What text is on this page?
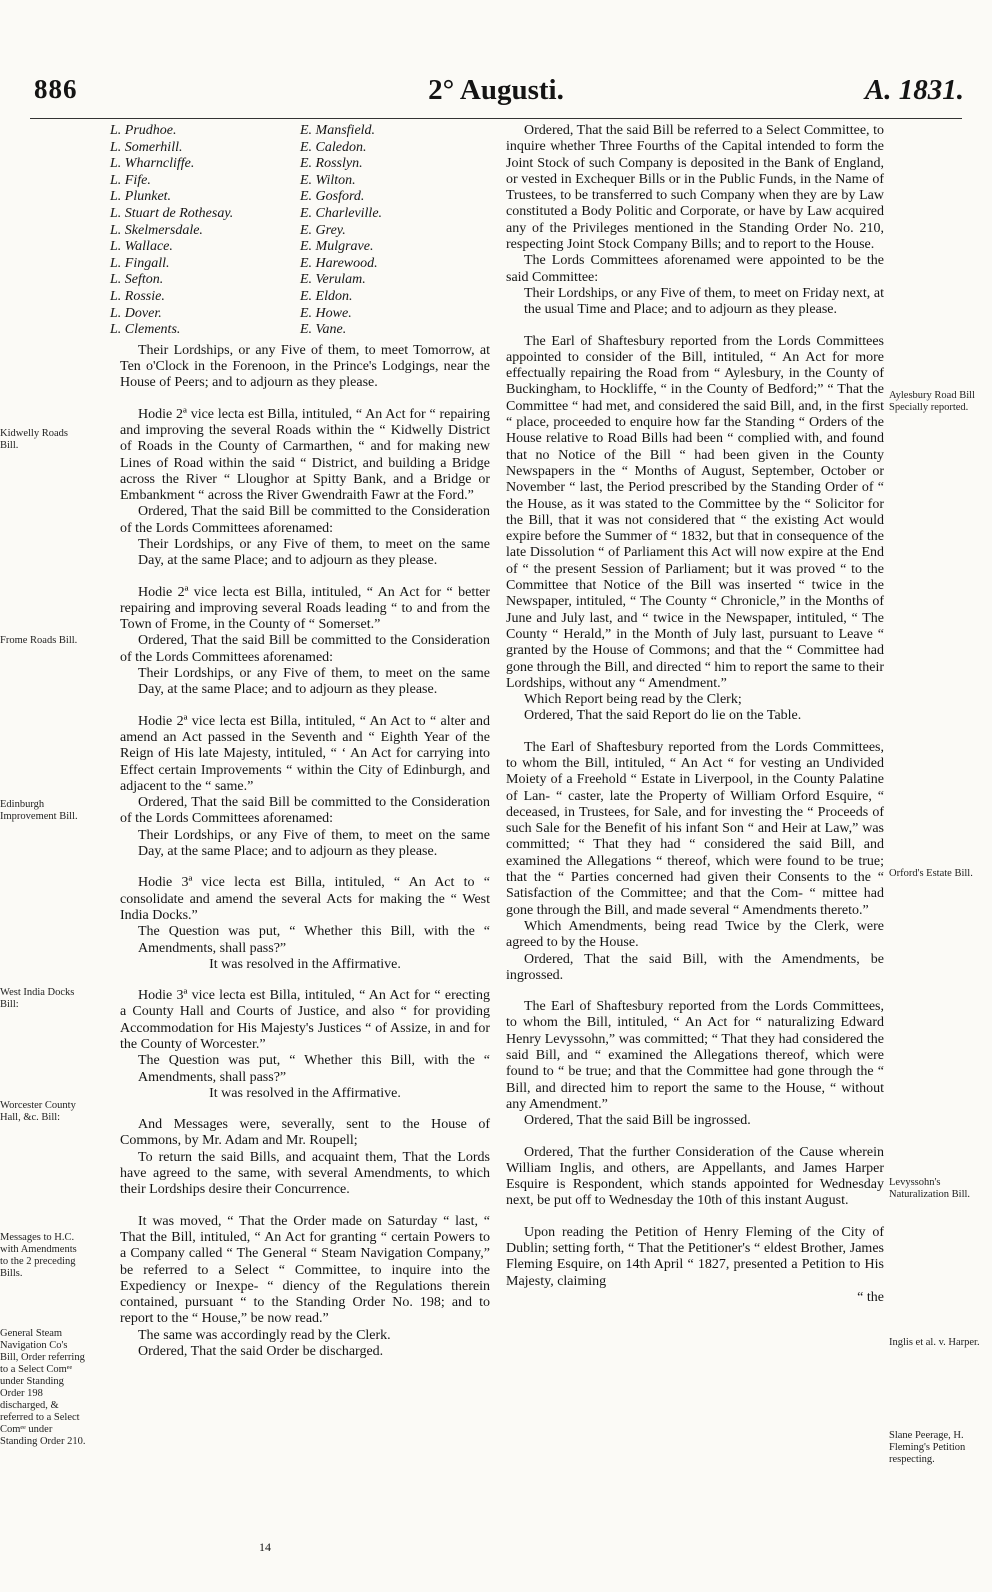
886	2° Augusti.	A. 1831.
Kidwelly Roads Bill.
Frome Roads Bill.
Edinburgh Improvement Bill.
West India Docks Bill:
Worcester County Hall, &c. Bill:
Messages to H.C. with Amendments to the 2 preceding Bills.
General Steam Navigation Co's Bill, Order referring to a Select Comᵉᵉ under Standing Order 198 discharged, & referred to a Select Comᵉᵉ under Standing Order 210.
Aylesbury Road Bill Specially reported.
Orford's Estate Bill.
Levyssohn's Naturalization Bill.
Inglis et al. v. Harper.
Slane Peerage, H. Fleming's Petition respecting.
L. Prudhoe.
L. Somerhill.
L. Wharncliffe.
L. Fife.
L. Plunket.
L. Stuart de Rothesay.
L. Skelmersdale.
L. Wallace.
L. Fingall.
L. Sefton.
L. Rossie.
L. Dover.
L. Clements.
E. Mansfield.
E. Caledon.
E. Rosslyn.
E. Wilton.
E. Gosford.
E. Charleville.
E. Grey.
E. Mulgrave.
E. Harewood.
E. Verulam.
E. Eldon.
E. Howe.
E. Vane.

Their Lordships, or any Five of them, to meet Tomorrow, at Ten o'Clock in the Forenoon, in the Prince's Lodgings, near the House of Peers; and to adjourn as they please.

Hodie 2ª vice lecta est Billa, intituled, “ An Act for “ repairing and improving the several Roads within the “ Kidwelly District of Roads in the County of Carmarthen, “ and for making new Lines of Road within the said “ District, and building a Bridge across the River “ Lloughor at Spitty Bank, and a Bridge or Embankment “ across the River Gwendraith Fawr at the Ford.”

Ordered, That the said Bill be committed to the Consideration of the Lords Committees aforenamed:

Their Lordships, or any Five of them, to meet on the same Day, at the same Place; and to adjourn as they please.

Hodie 2ª vice lecta est Billa, intituled, “ An Act for “ better repairing and improving several Roads leading “ to and from the Town of Frome, in the County of “ Somerset.”

Ordered, That the said Bill be committed to the Consideration of the Lords Committees aforenamed:

Their Lordships, or any Five of them, to meet on the same Day, at the same Place; and to adjourn as they please.

Hodie 2ª vice lecta est Billa, intituled, “ An Act to “ alter and amend an Act passed in the Seventh and “ Eighth Year of the Reign of His late Majesty, intituled, “ ‘ An Act for carrying into Effect certain Improvements “ within the City of Edinburgh, and adjacent to the “ same.”

Ordered, That the said Bill be committed to the Consideration of the Lords Committees aforenamed:

Their Lordships, or any Five of them, to meet on the same Day, at the same Place; and to adjourn as they please.

Hodie 3ª vice lecta est Billa, intituled, “ An Act to “ consolidate and amend the several Acts for making the “ West India Docks.”

The Question was put, “ Whether this Bill, with the “ Amendments, shall pass?”

It was resolved in the Affirmative.

Hodie 3ª vice lecta est Billa, intituled, “ An Act for “ erecting a County Hall and Courts of Justice, and also “ for providing Accommodation for His Majesty's Justices “ of Assize, in and for the County of Worcester.”

The Question was put, “ Whether this Bill, with the “ Amendments, shall pass?”

It was resolved in the Affirmative.

And Messages were, severally, sent to the House of Commons, by Mr. Adam and Mr. Roupell;

To return the said Bills, and acquaint them, That the Lords have agreed to the same, with several Amendments, to which their Lordships desire their Concurrence.

It was moved, “ That the Order made on Saturday “ last, “ That the Bill, intituled, “ An Act for granting “ certain Powers to a Company called “ The General “ Steam Navigation Company,” be referred to a Select “ Committee, to inquire into the Expediency or Inexpe- “ diency of the Regulations therein contained, pursuant “ to the Standing Order No. 198; and to report to the “ House,” be now read.”

The same was accordingly read by the Clerk.

Ordered, That the said Order be discharged.

Ordered, That the said Bill be referred to a Select Committee, to inquire whether Three Fourths of the Capital intended to form the Joint Stock of such Company is deposited in the Bank of England, or vested in Exchequer Bills or in the Public Funds, in the Name of Trustees, to be transferred to such Company when they are by Law constituted a Body Politic and Corporate, or have by Law acquired any of the Privileges mentioned in the Standing Order No. 210, respecting Joint Stock Company Bills; and to report to the House.

The Lords Committees aforenamed were appointed to be the said Committee:

Their Lordships, or any Five of them, to meet on Friday next, at the usual Time and Place; and to adjourn as they please.

The Earl of Shaftesbury reported from the Lords Committees appointed to consider of the Bill, intituled, “ An Act for more effectually repairing the Road from “ Aylesbury, in the County of Buckingham, to Hockliffe, “ in the County of Bedford;” “ That the Committee “ had met, and considered the said Bill, and, in the first “ place, proceeded to enquire how far the Standing “ Orders of the House relative to Road Bills had been “ complied with, and found that no Notice of the Bill “ had been given in the County Newspapers in the “ Months of August, September, October or November “ last, the Period prescribed by the Standing Order of “ the House, as it was stated to the Committee by the “ Solicitor for the Bill, that it was not considered that “ the existing Act would expire before the Summer of “ 1832, but that in consequence of the late Dissolution “ of Parliament this Act will now expire at the End of “ the present Session of Parliament; but it was proved “ to the Committee that Notice of the Bill was inserted “ twice in the Newspaper, intituled, “ The County “ Chronicle,” in the Months of June and July last, and “ twice in the Newspaper, intituled, “ The County “ Herald,” in the Month of July last, pursuant to Leave “ granted by the House of Commons; and that the “ Committee had gone through the Bill, and directed “ him to report the same to their Lordships, without any “ Amendment.”

Which Report being read by the Clerk;

Ordered, That the said Report do lie on the Table.

The Earl of Shaftesbury reported from the Lords Committees, to whom the Bill, intituled, “ An Act “ for vesting an Undivided Moiety of a Freehold “ Estate in Liverpool, in the County Palatine of Lan- “ caster, late the Property of William Orford Esquire, “ deceased, in Trustees, for Sale, and for investing the “ Proceeds of such Sale for the Benefit of his infant Son “ and Heir at Law,” was committed; “ That they had “ considered the said Bill, and examined the Allegations “ thereof, which were found to be true; that the “ Parties concerned had given their Consents to the “ Satisfaction of the Committee; and that the Com- “ mittee had gone through the Bill, and made several “ Amendments thereto.”

Which Amendments, being read Twice by the Clerk, were agreed to by the House.

Ordered, That the said Bill, with the Amendments, be ingrossed.

The Earl of Shaftesbury reported from the Lords Committees, to whom the Bill, intituled, “ An Act for “ naturalizing Edward Henry Levyssohn,” was committed; “ That they had considered the said Bill, and “ examined the Allegations thereof, which were found to “ be true; and that the Committee had gone through the “ Bill, and directed him to report the same to the House, “ without any Amendment.”

Ordered, That the said Bill be ingrossed.

Ordered, That the further Consideration of the Cause wherein William Inglis, and others, are Appellants, and James Harper Esquire is Respondent, which stands appointed for Wednesday next, be put off to Wednesday the 10th of this instant August.

Upon reading the Petition of Henry Fleming of the City of Dublin; setting forth, “ That the Petitioner's “ eldest Brother, James Fleming Esquire, on 14th April “ 1827, presented a Petition to His Majesty, claiming

“ the

14
